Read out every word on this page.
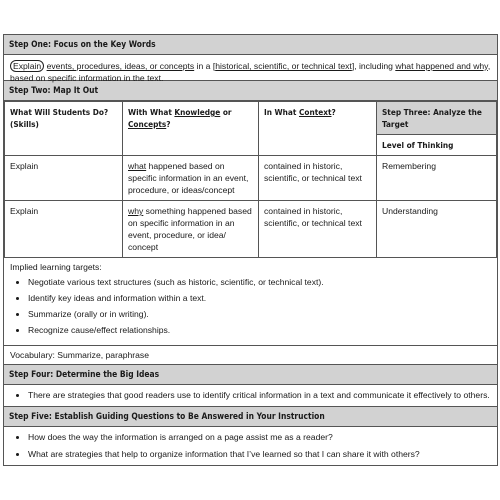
Step One: Focus on the Key Words
Explain events, procedures, ideas, or concepts in a [historical, scientific, or technical text], including what happened and why, based on specific information in the text.
Step Two: Map It Out
What Will Students Do? (Skills)	With What Knowledge or Concepts?	In What Context?	Step Three: Analyze the Target
			Level of Thinking
Explain	what happened based on specific information in an event, procedure, or ideas/concept	contained in historic, scientific, or technical text	Remembering
Explain	why something happened based on specific information in an event, procedure, or idea/ concept	contained in historic, scientific, or technical text	Understanding
Implied learning targets:
• Negotiate various text structures (such as historic, scientific, or technical text).
• Identify key ideas and information within a text.
• Summarize (orally or in writing).
• Recognize cause/effect relationships.
Vocabulary: Summarize, paraphrase
Step Four: Determine the Big Ideas
• There are strategies that good readers use to identify critical information in a text and communicate it effectively to others.
Step Five: Establish Guiding Questions to Be Answered in Your Instruction
• How does the way the information is arranged on a page assist me as a reader?
• What are strategies that help to organize information that I’ve learned so that I can share it with others?
